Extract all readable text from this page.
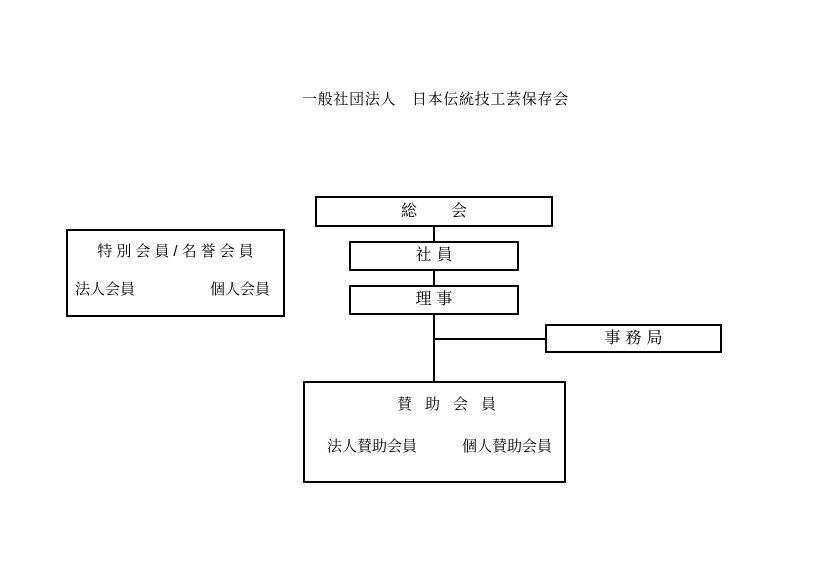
一般社団法人　日本伝統技工芸保存会
総　会
社員
理事
事務局
特別会員/名誉会員
法人会員	個人会員
賛助会員
法人賛助会員	個人賛助会員
